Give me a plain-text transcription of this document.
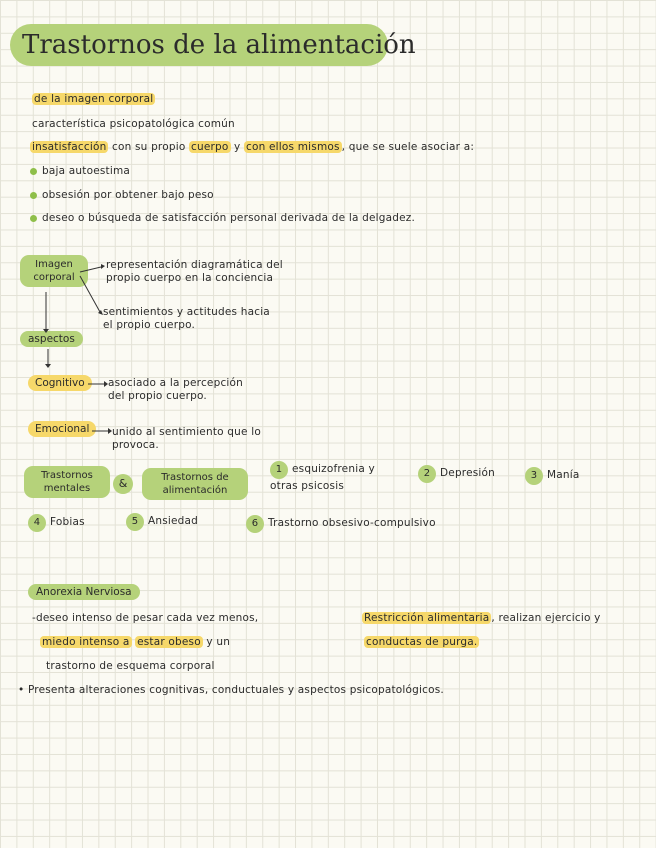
Trastornos de la alimentación
de la imagen corporal
característica psicopatológica común
insatisfacción con su propio cuerpo y con ellos mismos , que se suele asociar a:
baja autoestima
obsesión por obtener bajo peso
deseo o búsqueda de satisfacción personal derivada de la delgadez.
Imagen corporal
representación diagramática del propio cuerpo en la conciencia
sentimientos y actitudes hacia el propio cuerpo.
aspectos
Cognitivo	asociado a la percepción del propio cuerpo.
Emocional	unido al sentimiento que lo provoca.
Trastornos mentales	&	Trastornos de alimentación
1 esquizofrenia y otras psicosis
2 Depresión	3 Manía
4 Fobias	5 Ansiedad	6 Trastorno obsesivo-compulsivo
Anorexia Nerviosa
-deseo intenso de pesar cada vez menos,
miedo intenso a estar obeso y un
trastorno de esquema corporal
Restricción alimentaria , realizan ejercicio y
conductas de purga.
• Presenta alteraciones cognitivas, conductuales y aspectos psicopatológicos.
